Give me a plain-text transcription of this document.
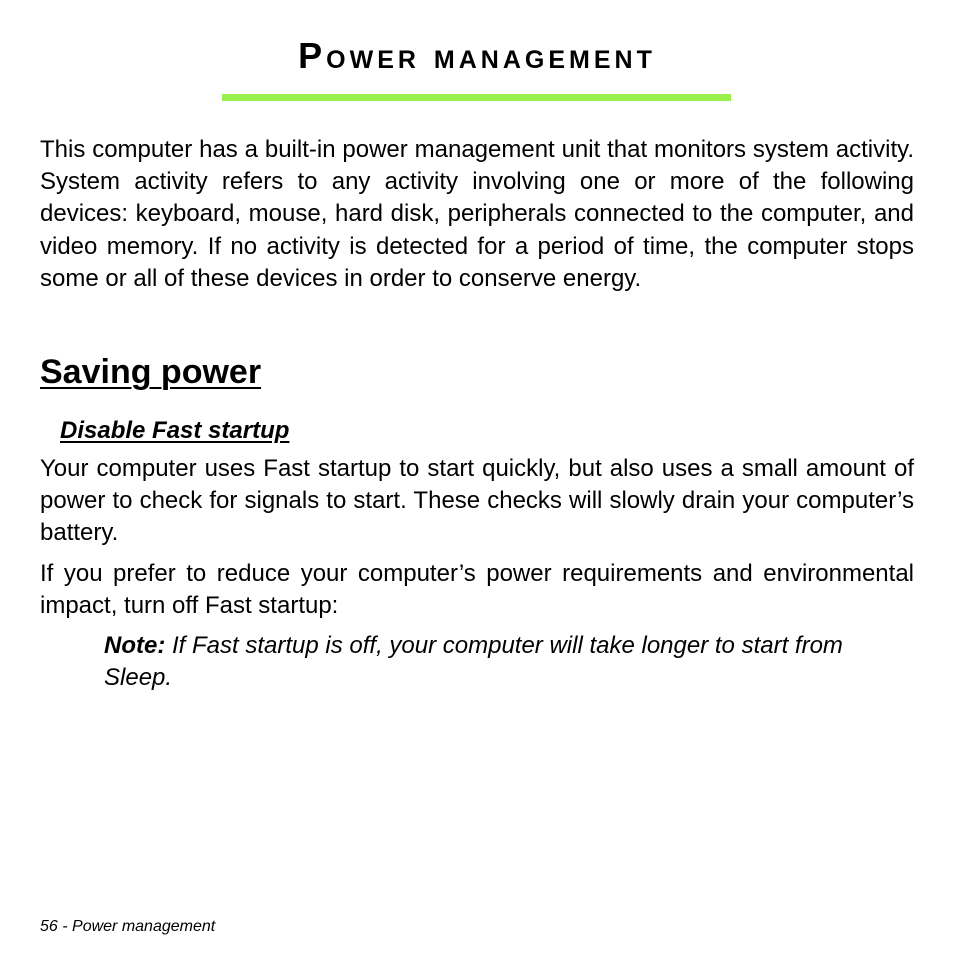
Power management

This computer has a built-in power management unit that monitors system activity. System activity refers to any activity involving one or more of the following devices: keyboard, mouse, hard disk, peripherals connected to the computer, and video memory. If no activity is detected for a period of time, the computer stops some or all of these devices in order to conserve energy.

Saving power
Disable Fast startup

Your computer uses Fast startup to start quickly, but also uses a small amount of power to check for signals to start. These checks will slowly drain your computer’s battery.

If you prefer to reduce your computer’s power requirements and environmental impact, turn off Fast startup:

Note: If Fast startup is off, your computer will take longer to start from Sleep.

56 - Power management
